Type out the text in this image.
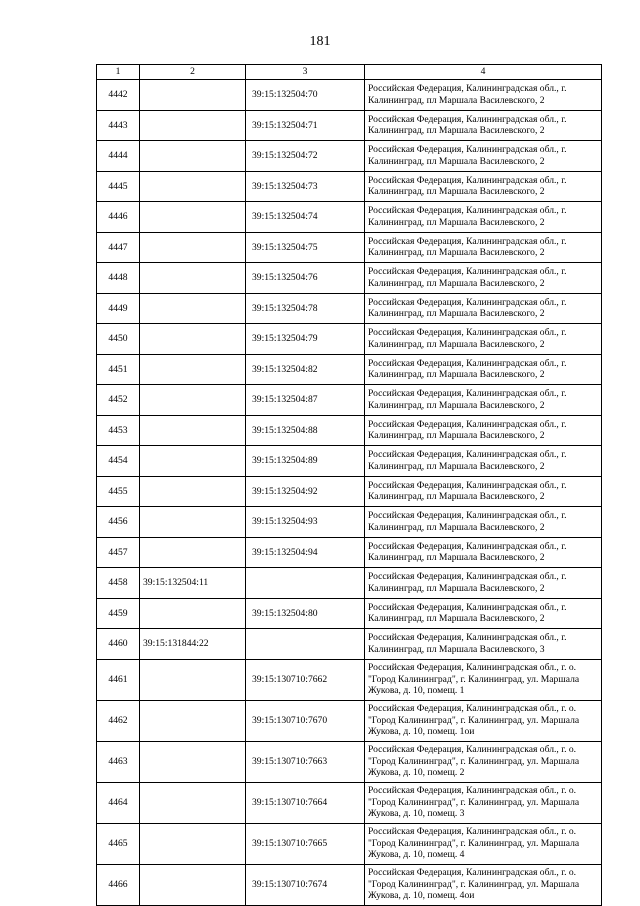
181
1	2	3	4
4442		39:15:132504:70	Российская Федерация, Калининградская обл., г. Калининград, пл Маршала Василевского, 2
4443		39:15:132504:71	Российская Федерация, Калининградская обл., г. Калининград, пл Маршала Василевского, 2
4444		39:15:132504:72	Российская Федерация, Калининградская обл., г. Калининград, пл Маршала Василевского, 2
4445		39:15:132504:73	Российская Федерация, Калининградская обл., г. Калининград, пл Маршала Василевского, 2
4446		39:15:132504:74	Российская Федерация, Калининградская обл., г. Калининград, пл Маршала Василевского, 2
4447		39:15:132504:75	Российская Федерация, Калининградская обл., г. Калининград, пл Маршала Василевского, 2
4448		39:15:132504:76	Российская Федерация, Калининградская обл., г. Калининград, пл Маршала Василевского, 2
4449		39:15:132504:78	Российская Федерация, Калининградская обл., г. Калининград, пл Маршала Василевского, 2
4450		39:15:132504:79	Российская Федерация, Калининградская обл., г. Калининград, пл Маршала Василевского, 2
4451		39:15:132504:82	Российская Федерация, Калининградская обл., г. Калининград, пл Маршала Василевского, 2
4452		39:15:132504:87	Российская Федерация, Калининградская обл., г. Калининград, пл Маршала Василевского, 2
4453		39:15:132504:88	Российская Федерация, Калининградская обл., г. Калининград, пл Маршала Василевского, 2
4454		39:15:132504:89	Российская Федерация, Калининградская обл., г. Калининград, пл Маршала Василевского, 2
4455		39:15:132504:92	Российская Федерация, Калининградская обл., г. Калининград, пл Маршала Василевского, 2
4456		39:15:132504:93	Российская Федерация, Калининградская обл., г. Калининград, пл Маршала Василевского, 2
4457		39:15:132504:94	Российская Федерация, Калининградская обл., г. Калининград, пл Маршала Василевского, 2
4458	39:15:132504:11		Российская Федерация, Калининградская обл., г. Калининград, пл Маршала Василевского, 2
4459		39:15:132504:80	Российская Федерация, Калининградская обл., г. Калининград, пл Маршала Василевского, 2
4460	39:15:131844:22		Российская Федерация, Калининградская обл., г. Калининград, пл Маршала Василевского, 3
4461		39:15:130710:7662	Российская Федерация, Калининградская обл., г. о. "Город Калининград", г. Калининград, ул. Маршала Жукова, д. 10, помещ. 1
4462		39:15:130710:7670	Российская Федерация, Калининградская обл., г. о. "Город Калининград", г. Калининград, ул. Маршала Жукова, д. 10, помещ. 1ои
4463		39:15:130710:7663	Российская Федерация, Калининградская обл., г. о. "Город Калининград", г. Калининград, ул. Маршала Жукова, д. 10, помещ. 2
4464		39:15:130710:7664	Российская Федерация, Калининградская обл., г. о. "Город Калининград", г. Калининград, ул. Маршала Жукова, д. 10, помещ. 3
4465		39:15:130710:7665	Российская Федерация, Калининградская обл., г. о. "Город Калининград", г. Калининград, ул. Маршала Жукова, д. 10, помещ. 4
4466		39:15:130710:7674	Российская Федерация, Калининградская обл., г. о. "Город Калининград", г. Калининград, ул. Маршала Жукова, д. 10, помещ. 4ои
